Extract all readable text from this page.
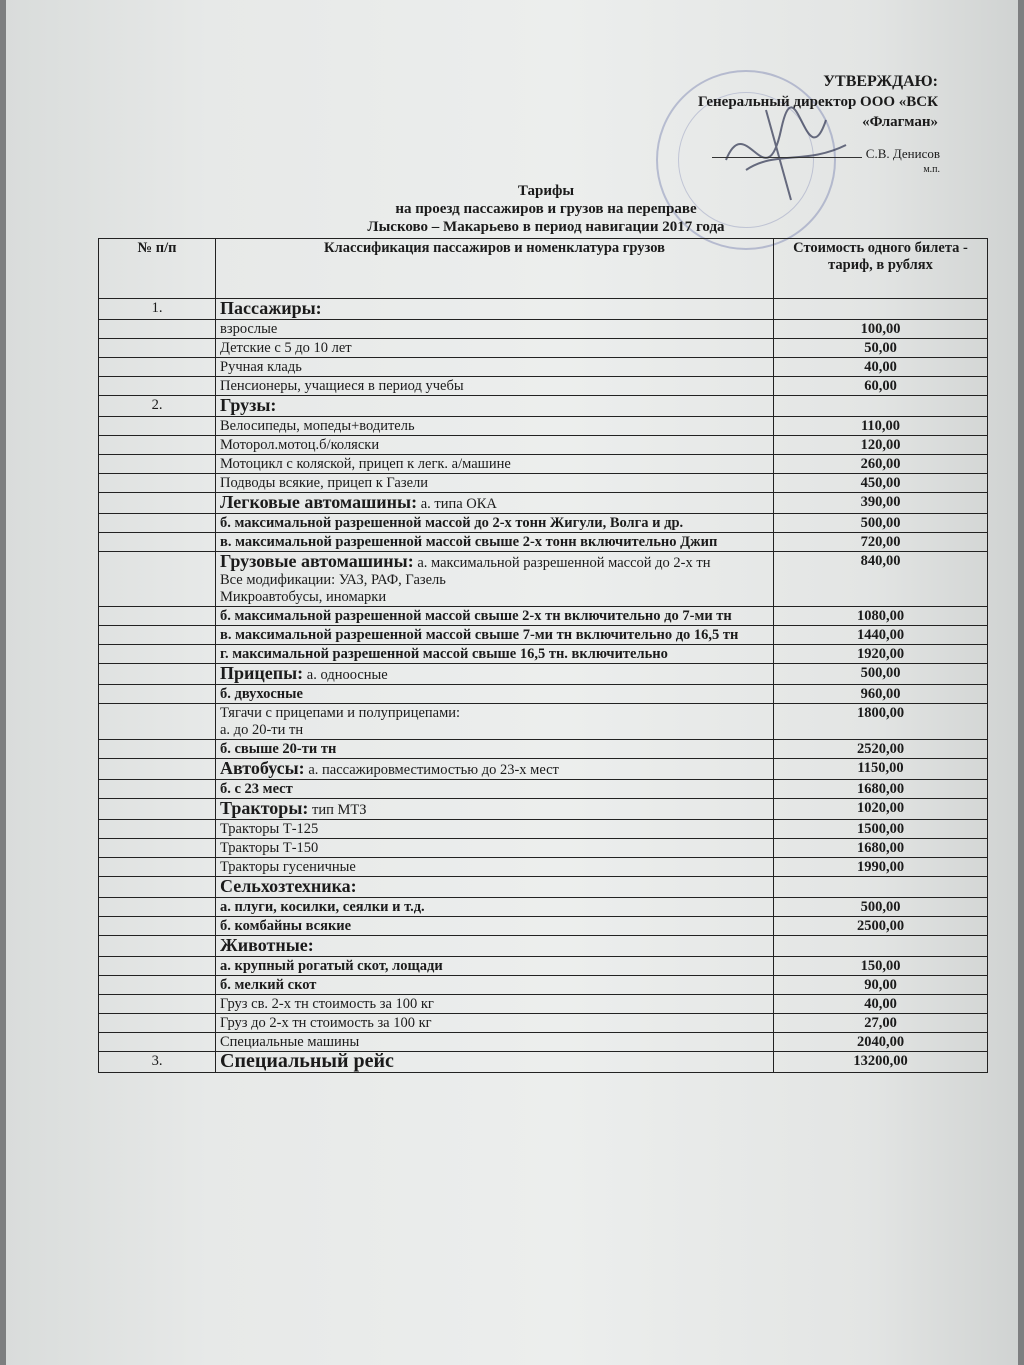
УТВЕРЖДАЮ:
Генеральный директор ООО «ВСК
«Флагман»
С.В. Денисов
м.п.
Тарифы
на проезд пассажиров и грузов на переправе
Лысково – Макарьево в период навигации 2017 года
№ п/п	Классификация пассажиров и номенклатура грузов	Стоимость одного билета - тариф, в рублях
1.	Пассажиры:	
	взрослые	100,00
	Детские с 5 до 10 лет	50,00
	Ручная кладь	40,00
	Пенсионеры, учащиеся в период учебы	60,00
2.	Грузы:	
	Велосипеды, мопеды+водитель	110,00
	Моторол.мотоц.б/коляски	120,00
	Мотоцикл с коляской, прицеп к легк. а/машине	260,00
	Подводы всякие, прицеп к Газели	450,00
	Легковые автомашины: а. типа ОКА	390,00
	б. максимальной разрешенной массой до 2-х тонн Жигули, Волга и др.	500,00
	в. максимальной разрешенной массой свыше 2-х тонн включительно Джип	720,00
	Грузовые автомашины: а. максимальной разрешенной массой до 2-х тн
Все модификации: УАЗ, РАФ, Газель
Микроавтобусы, иномарки	840,00
	б. максимальной разрешенной массой свыше 2-х тн включительно до 7-ми тн	1080,00
	в. максимальной разрешенной массой свыше 7-ми тн включительно до 16,5 тн	1440,00
	г. максимальной разрешенной массой свыше 16,5 тн. включительно	1920,00
	Прицепы: а. одноосные	500,00
	б. двухосные	960,00
	Тягачи с прицепами и полуприцепами:
а. до 20-ти тн	1800,00
	б. свыше 20-ти тн	2520,00
	Автобусы: а. пассажировместимостью до 23-х мест	1150,00
	б. с 23 мест	1680,00
	Тракторы: тип МТЗ	1020,00
	Тракторы Т-125	1500,00
	Тракторы Т-150	1680,00
	Тракторы гусеничные	1990,00
	Сельхозтехника:	
	а. плуги, косилки, сеялки и т.д.	500,00
	б. комбайны всякие	2500,00
	Животные:	
	а. крупный рогатый скот, лощади	150,00
	б. мелкий скот	90,00
	Груз св. 2-х тн стоимость за 100 кг	40,00
	Груз до 2-х тн стоимость за 100 кг	27,00
	Специальные машины	2040,00
3.	Специальный рейс	13200,00
